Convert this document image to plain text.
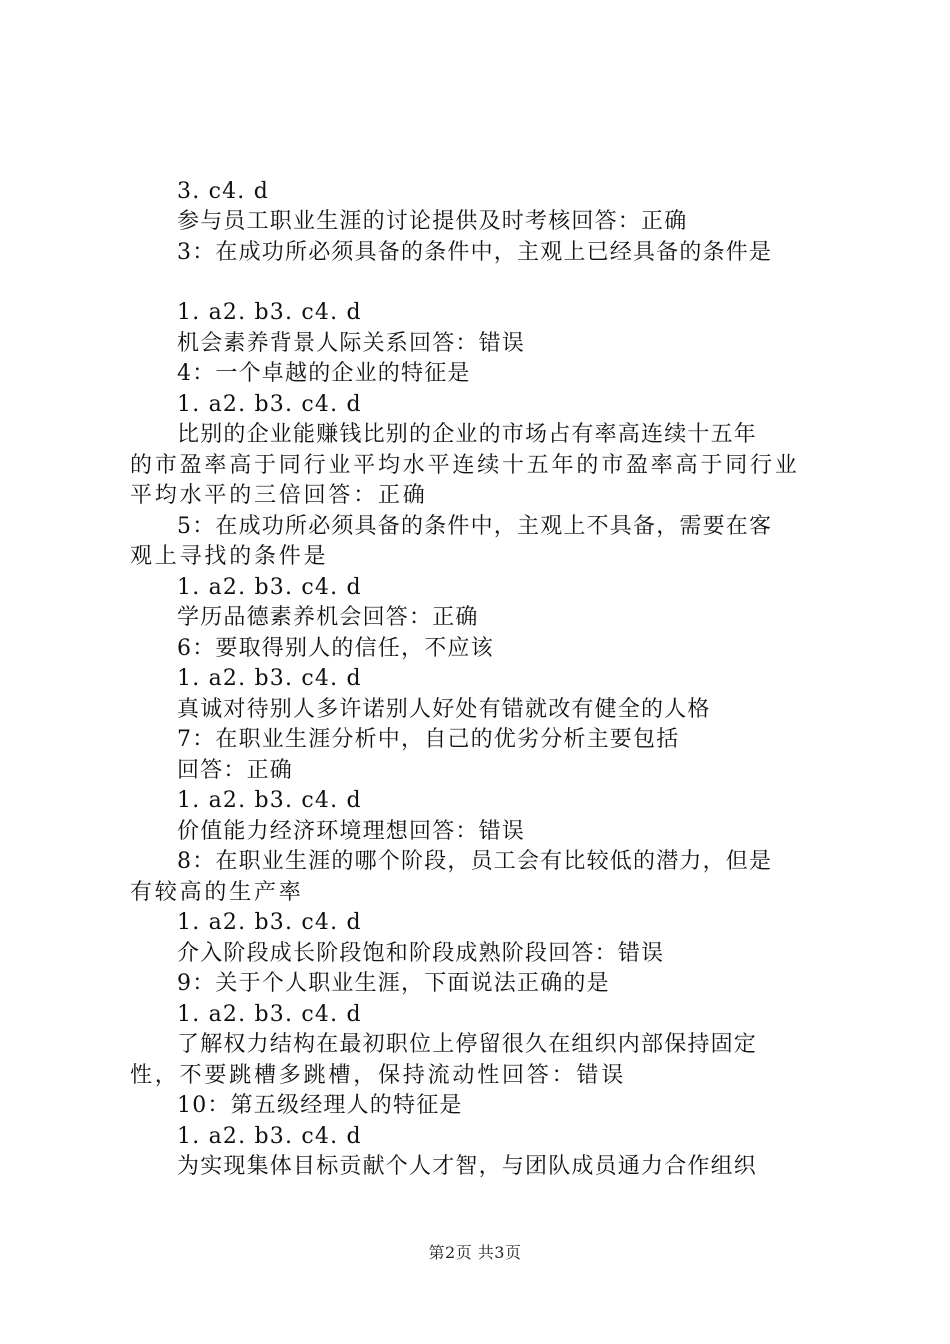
3. c4. d
参与员工职业生涯的讨论提供及时考核回答：正确
3：在成功所必须具备的条件中，主观上已经具备的条件是
1. a2. b3. c4. d
机会素养背景人际关系回答：错误
4：一个卓越的企业的特征是
1. a2. b3. c4. d
比别的企业能赚钱比别的企业的市场占有率高连续十五年
的市盈率高于同行业平均水平连续十五年的市盈率高于同行业
平均水平的三倍回答：正确
5：在成功所必须具备的条件中，主观上不具备，需要在客
观上寻找的条件是
1. a2. b3. c4. d
学历品德素养机会回答：正确
6：要取得别人的信任，不应该
1. a2. b3. c4. d
真诚对待别人多许诺别人好处有错就改有健全的人格
7：在职业生涯分析中，自己的优劣分析主要包括
回答：正确
1. a2. b3. c4. d
价值能力经济环境理想回答：错误
8：在职业生涯的哪个阶段，员工会有比较低的潜力，但是
有较高的生产率
1. a2. b3. c4. d
介入阶段成长阶段饱和阶段成熟阶段回答：错误
9：关于个人职业生涯，下面说法正确的是
1. a2. b3. c4. d
了解权力结构在最初职位上停留很久在组织内部保持固定
性，不要跳槽多跳槽，保持流动性回答：错误
10：第五级经理人的特征是
1. a2. b3. c4. d
为实现集体目标贡献个人才智，与团队成员通力合作组织
第2页 共3页
